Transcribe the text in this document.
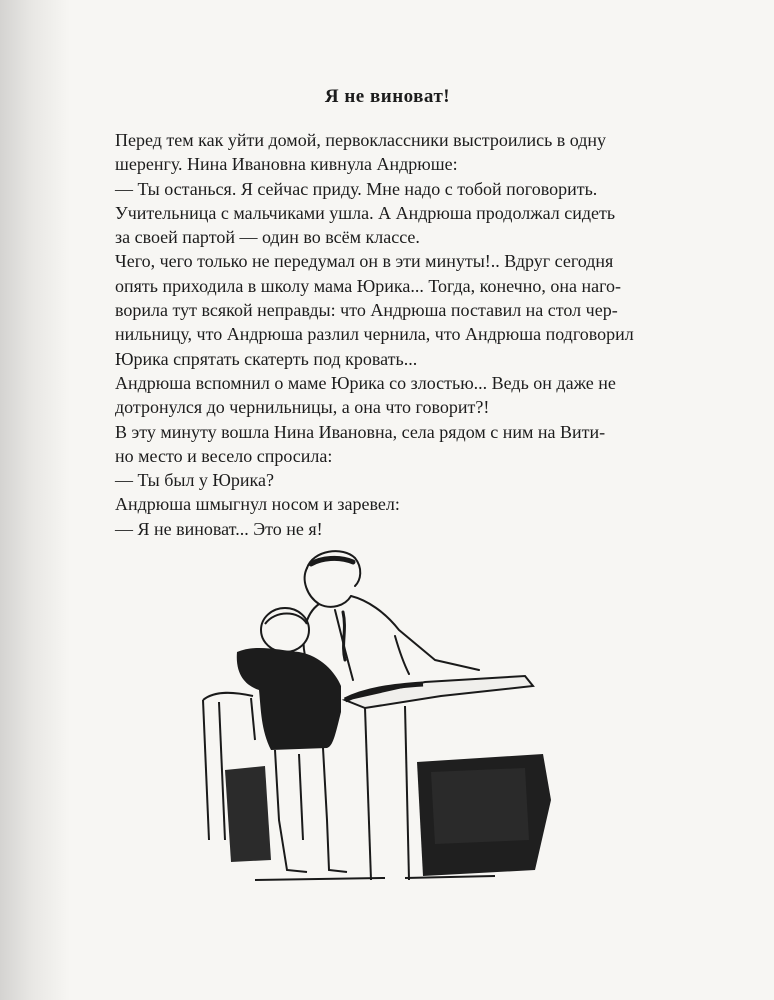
Я не виноват!

Перед тем как уйти домой, первоклассники выстроились в одну

шеренгу. Нина Ивановна кивнула Андрюше:

— Ты останься. Я сейчас приду. Мне надо с тобой поговорить.

Учительница с мальчиками ушла. А Андрюша продолжал сидеть

за своей партой — один во всём классе.

Чего, чего только не передумал он в эти минуты!.. Вдруг сегодня

опять приходила в школу мама Юрика... Тогда, конечно, она наго-

ворила тут всякой неправды: что Андрюша поставил на стол чер-

нильницу, что Андрюша разлил чернила, что Андрюша подговорил

Юрика спрятать скатерть под кровать...

Андрюша вспомнил о маме Юрика со злостью... Ведь он даже не

дотронулся до чернильницы, а она что говорит?!

В эту минуту вошла Нина Ивановна, села рядом с ним на Вити-

но место и весело спросила:

— Ты был у Юрика?

Андрюша шмыгнул носом и заревел:

— Я не виноват... Это не я!
